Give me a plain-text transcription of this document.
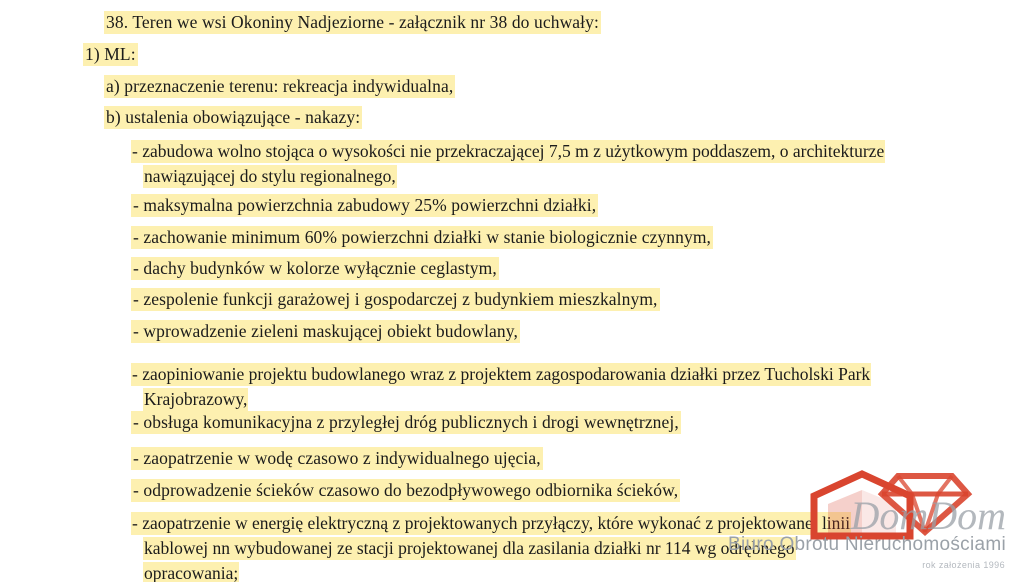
38. Teren we wsi Okoniny Nadjeziorne - załącznik nr 38 do uchwały:
1) ML:
a) przeznaczenie terenu: rekreacja indywidualna,
b) ustalenia obowiązujące - nakazy:
- zabudowa wolno stojąca o wysokości nie przekraczającej 7,5 m z użytkowym poddaszem, o architekturze
nawiązującej do stylu regionalnego,
- maksymalna powierzchnia zabudowy 25% powierzchni działki,
- zachowanie minimum 60% powierzchni działki w stanie biologicznie czynnym,
- dachy budynków w kolorze wyłącznie ceglastym,
- zespolenie funkcji garażowej i gospodarczej z budynkiem mieszkalnym,
- wprowadzenie zieleni maskującej obiekt budowlany,
- zaopiniowanie projektu budowlanego wraz z projektem zagospodarowania działki przez Tucholski Park
Krajobrazowy,
- obsługa komunikacyjna z przyległej dróg publicznych i drogi wewnętrznej,
- zaopatrzenie w wodę czasowo z indywidualnego ujęcia,
- odprowadzenie ścieków czasowo do bezodpływowego odbiornika ścieków,
- zaopatrzenie w energię elektryczną z projektowanych przyłączy, które wykonać z projektowanej linii
kablowej nn wybudowanej ze stacji projektowanej dla zasilania działki nr 114 wg odrębnego
opracowania;
DomDom
Biuro Obrotu Nieruchomościami
rok założenia 1996
